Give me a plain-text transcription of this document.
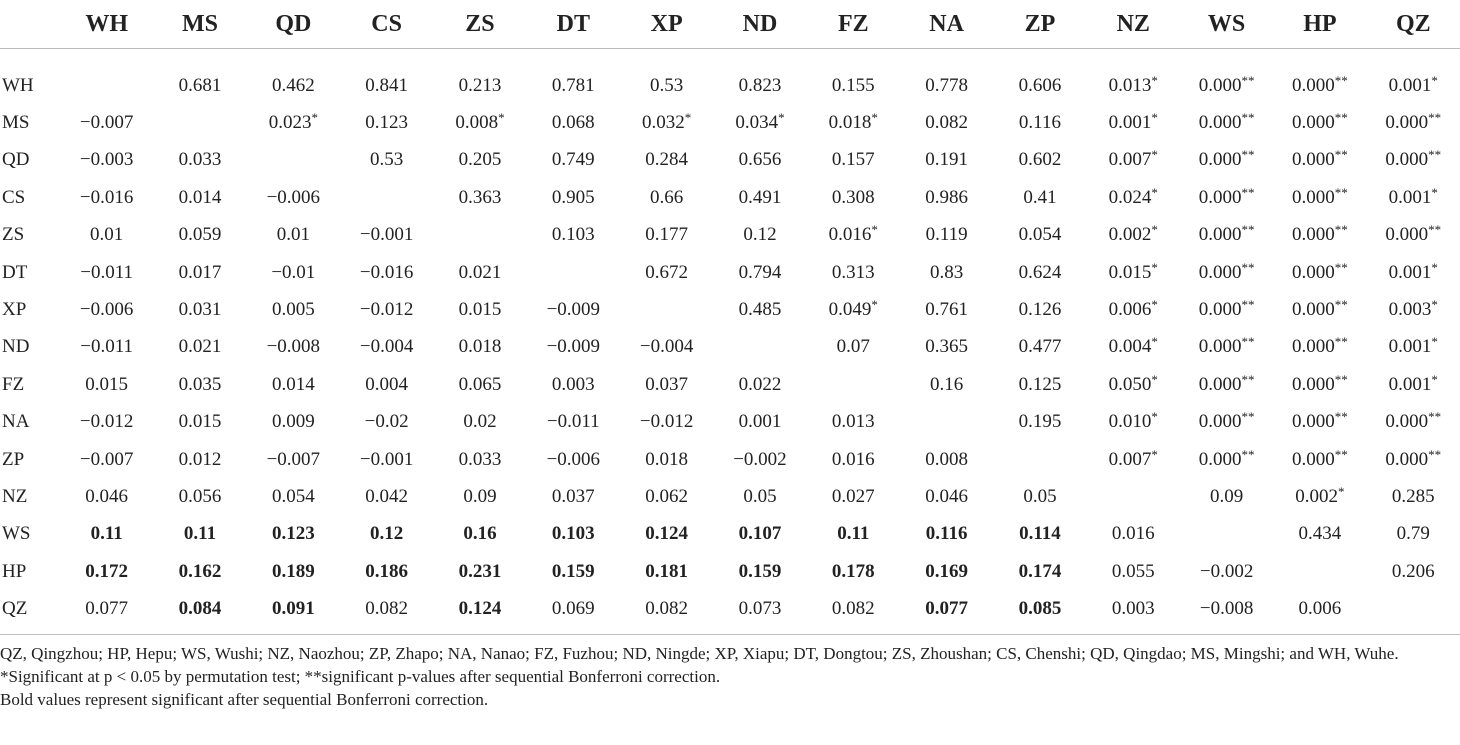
	WH	MS	QD	CS	ZS	DT	XP	ND	FZ	NA	ZP	NZ	WS	HP	QZ
WH		0.681	0.462	0.841	0.213	0.781	0.53	0.823	0.155	0.778	0.606	0.013*	0.000**	0.000**	0.001*
MS	−0.007		0.023*	0.123	0.008*	0.068	0.032*	0.034*	0.018*	0.082	0.116	0.001*	0.000**	0.000**	0.000**
QD	−0.003	0.033		0.53	0.205	0.749	0.284	0.656	0.157	0.191	0.602	0.007*	0.000**	0.000**	0.000**
CS	−0.016	0.014	−0.006		0.363	0.905	0.66	0.491	0.308	0.986	0.41	0.024*	0.000**	0.000**	0.001*
ZS	0.01	0.059	0.01	−0.001		0.103	0.177	0.12	0.016*	0.119	0.054	0.002*	0.000**	0.000**	0.000**
DT	−0.011	0.017	−0.01	−0.016	0.021		0.672	0.794	0.313	0.83	0.624	0.015*	0.000**	0.000**	0.001*
XP	−0.006	0.031	0.005	−0.012	0.015	−0.009		0.485	0.049*	0.761	0.126	0.006*	0.000**	0.000**	0.003*
ND	−0.011	0.021	−0.008	−0.004	0.018	−0.009	−0.004		0.07	0.365	0.477	0.004*	0.000**	0.000**	0.001*
FZ	0.015	0.035	0.014	0.004	0.065	0.003	0.037	0.022		0.16	0.125	0.050*	0.000**	0.000**	0.001*
NA	−0.012	0.015	0.009	−0.02	0.02	−0.011	−0.012	0.001	0.013		0.195	0.010*	0.000**	0.000**	0.000**
ZP	−0.007	0.012	−0.007	−0.001	0.033	−0.006	0.018	−0.002	0.016	0.008		0.007*	0.000**	0.000**	0.000**
NZ	0.046	0.056	0.054	0.042	0.09	0.037	0.062	0.05	0.027	0.046	0.05		0.09	0.002*	0.285
WS	0.11	0.11	0.123	0.12	0.16	0.103	0.124	0.107	0.11	0.116	0.114	0.016		0.434	0.79
HP	0.172	0.162	0.189	0.186	0.231	0.159	0.181	0.159	0.178	0.169	0.174	0.055	−0.002		0.206
QZ	0.077	0.084	0.091	0.082	0.124	0.069	0.082	0.073	0.082	0.077	0.085	0.003	−0.008	0.006	

QZ, Qingzhou; HP, Hepu; WS, Wushi; NZ, Naozhou; ZP, Zhapo; NA, Nanao; FZ, Fuzhou; ND, Ningde; XP, Xiapu; DT, Dongtou; ZS, Zhoushan; CS, Chenshi; QD, Qingdao; MS, Mingshi; and WH, Wuhe.

*Significant at p < 0.05 by permutation test; **significant p-values after sequential Bonferroni correction.

Bold values represent significant after sequential Bonferroni correction.
